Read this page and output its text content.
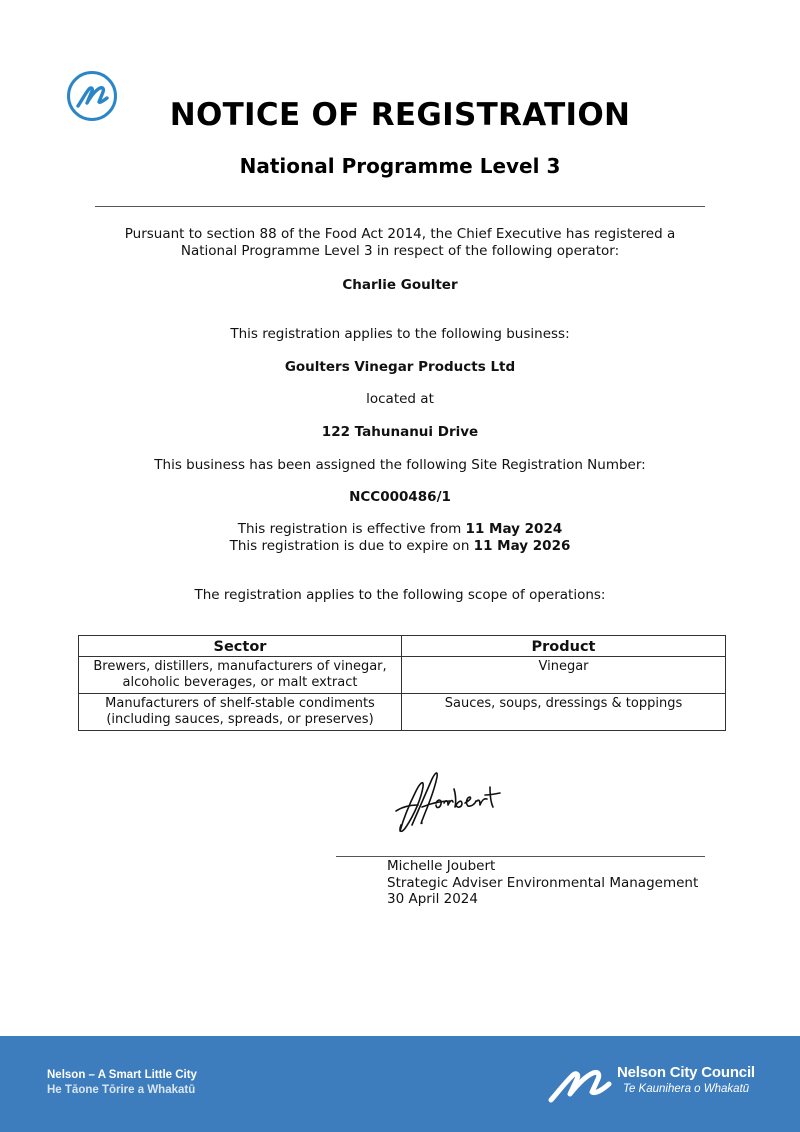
NOTICE OF REGISTRATION
National Programme Level 3
Pursuant to section 88 of the Food Act 2014, the Chief Executive has registered a
National Programme Level 3 in respect of the following operator:
Charlie Goulter
This registration applies to the following business:
Goulters Vinegar Products Ltd
located at
122 Tahunanui Drive
This business has been assigned the following Site Registration Number:
NCC000486/1
This registration is effective from 11 May 2024
This registration is due to expire on 11 May 2026
The registration applies to the following scope of operations:
Sector	Product

Brewers, distillers, manufacturers of vinegar,
alcoholic beverages, or malt extract	Vinegar

Manufacturers of shelf-stable condiments
(including sauces, spreads, or preserves)	Sauces, soups, dressings & toppings
Michelle Joubert
Strategic Adviser Environmental Management
30 April 2024
Nelson – A Smart Little City
He Tāone Tōrire a Whakatū
Nelson City Council
Te Kaunihera o Whakatū
